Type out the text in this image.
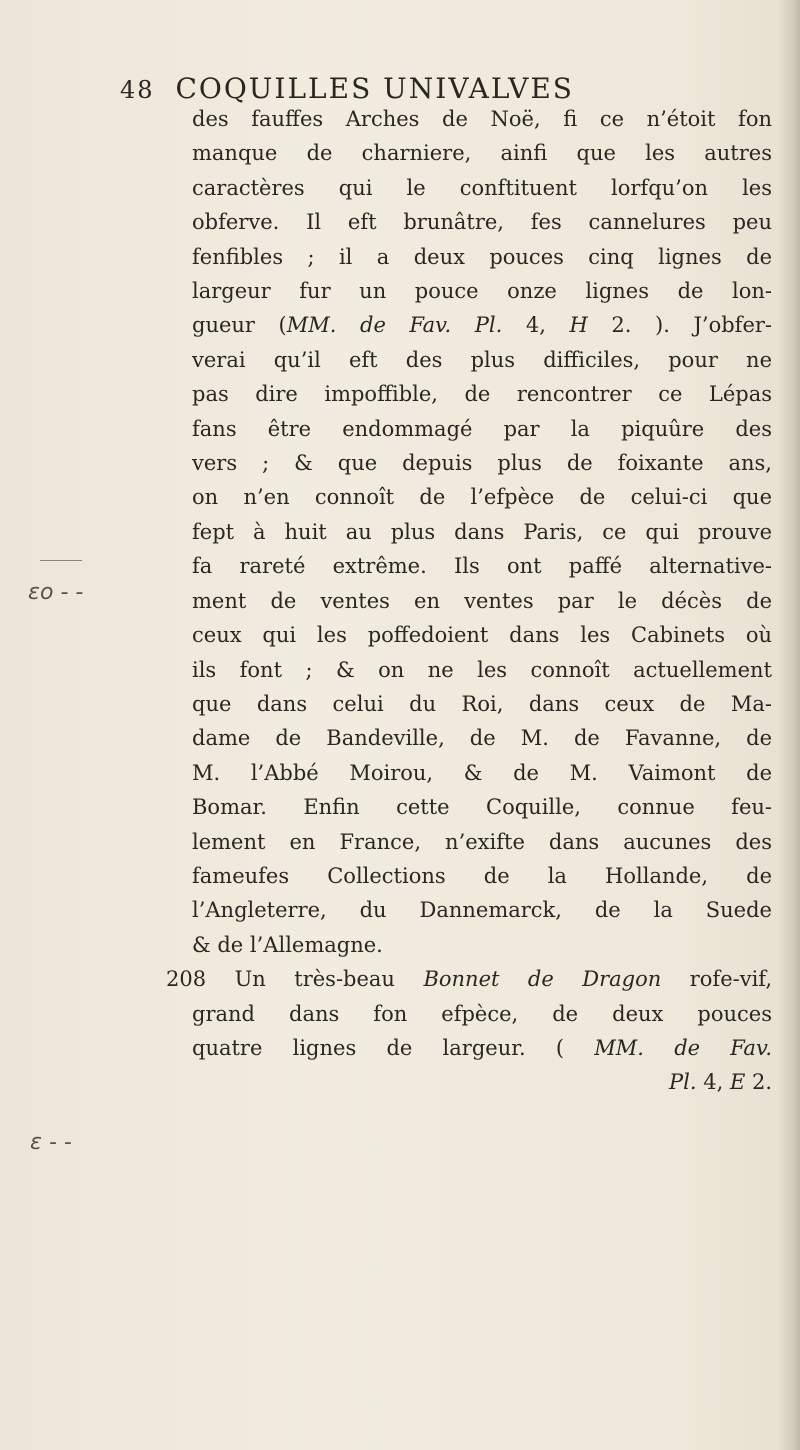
48 COQUILLES UNIVALVES
ɛo - -
ɛ - -
des fauffes Arches de Noë, fi ce n’étoit fon
manque de charniere, ainfi que les autres
caractères qui le conftituent lorfqu’on les
obferve. Il eft brunâtre, fes cannelures peu
fenfibles ; il a deux pouces cinq lignes de
largeur fur un pouce onze lignes de lon-
gueur (MM. de Fav. Pl. 4, H 2. ). J’obfer-
verai qu’il eft des plus difficiles, pour ne
pas dire impoffible, de rencontrer ce Lépas
fans être endommagé par la piquûre des
vers ; & que depuis plus de foixante ans,
on n’en connoît de l’efpèce de celui-ci que
fept à huit au plus dans Paris, ce qui prouve
fa rareté extrême. Ils ont paffé alternative-
ment de ventes en ventes par le décès de
ceux qui les poffedoient dans les Cabinets où
ils font ; & on ne les connoît actuellement
que dans celui du Roi, dans ceux de Ma-
dame de Bandeville, de M. de Favanne, de
M. l’Abbé Moirou, & de M. Vaimont de
Bomar. Enfin cette Coquille, connue feu-
lement en France, n’exifte dans aucunes des
fameufes Collections de la Hollande, de
l’Angleterre, du Dannemarck, de la Suede
& de l’Allemagne.
208 Un très-beau Bonnet de Dragon rofe-vif,
grand dans fon efpèce, de deux pouces
quatre lignes de largeur. ( MM. de Fav.
Pl. 4, E 2.
